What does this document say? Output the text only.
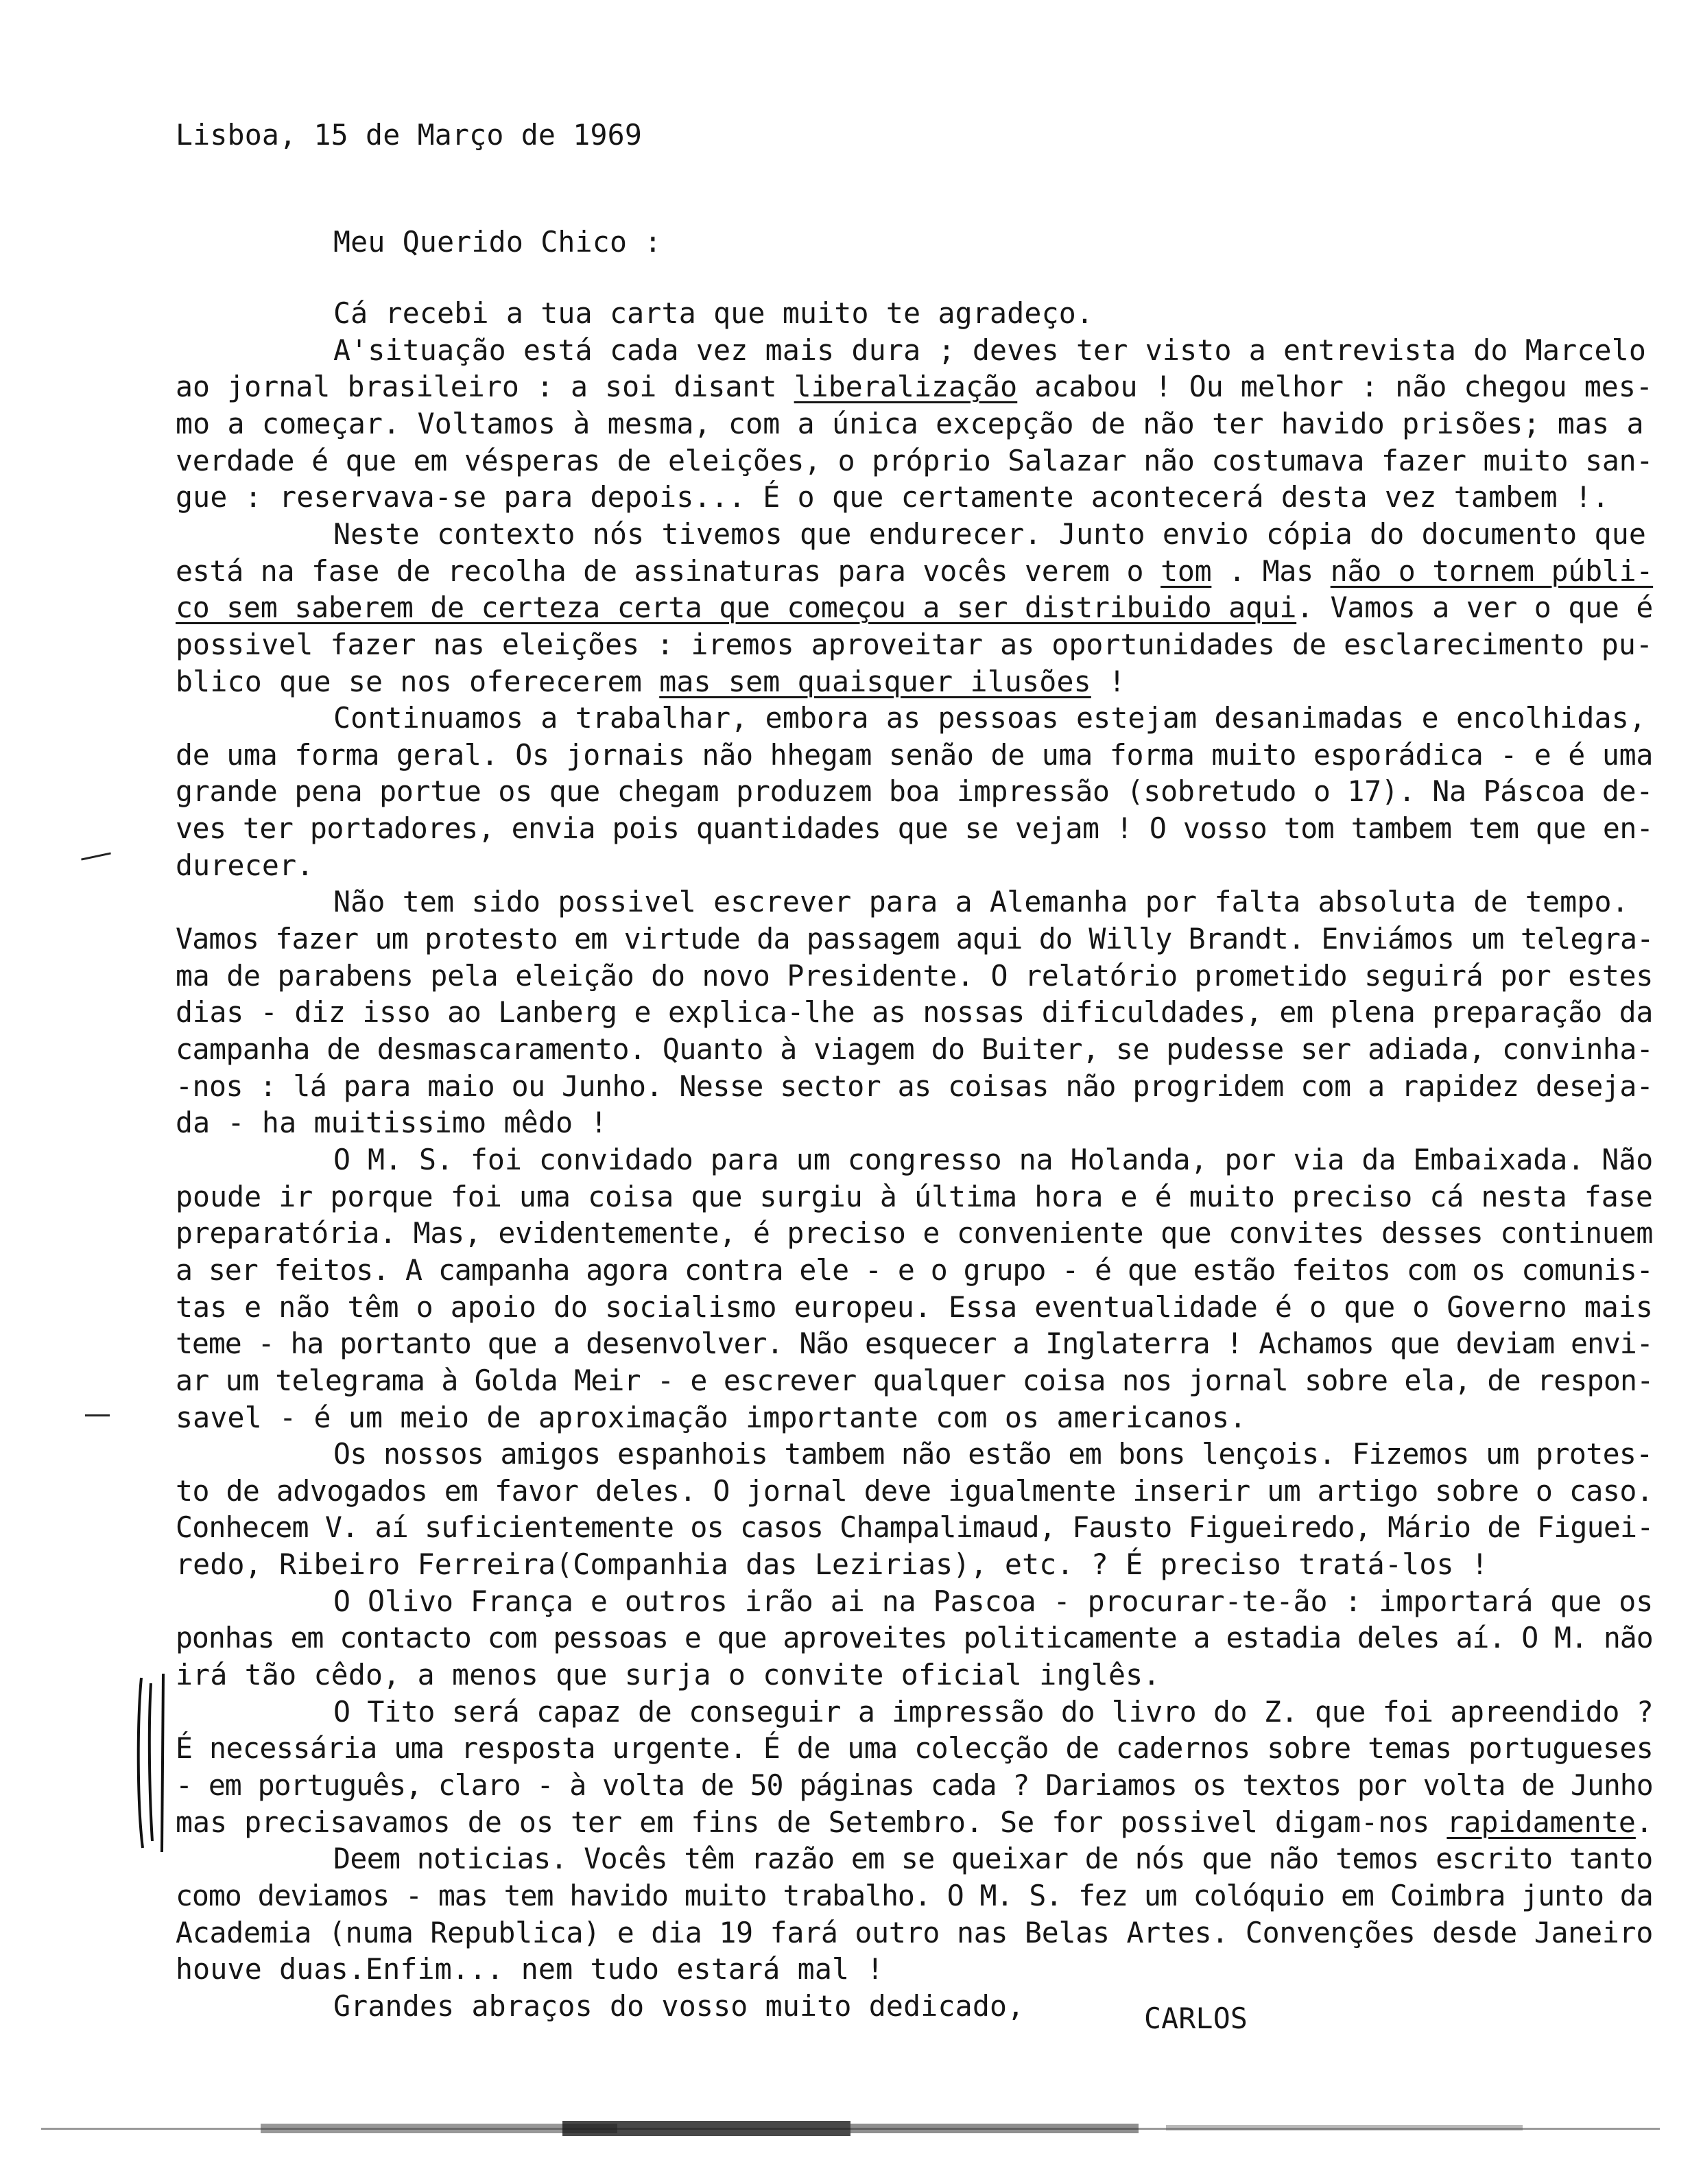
Lisboa, 15 de Março de 1969
Meu Querido Chico :
Cá recebi a tua carta que muito te agradeço.
A'situação está cada vez mais dura ; deves ter visto a entrevista do Marcelo
ao jornal brasileiro : a soi disant liberalização acabou ! Ou melhor : não chegou mes-
mo a começar. Voltamos à mesma, com a única excepção de não ter havido prisões; mas a
verdade é que em vésperas de eleições, o próprio Salazar não costumava fazer muito san-
gue : reservava-se para depois... É o que certamente acontecerá desta vez tambem !.
Neste contexto nós tivemos que endurecer. Junto envio cópia do documento que
está na fase de recolha de assinaturas para vocês verem o tom . Mas não o tornem públi-
co sem saberem de certeza certa que começou a ser distribuido aqui. Vamos a ver o que é
possivel fazer nas eleições : iremos aproveitar as oportunidades de esclarecimento pu-
blico que se nos oferecerem mas sem quaisquer ilusões !
Continuamos a trabalhar, embora as pessoas estejam desanimadas e encolhidas,
de uma forma geral. Os jornais não hhegam senão de uma forma muito esporádica - e é uma
grande pena portue os que chegam produzem boa impressão (sobretudo o 17). Na Páscoa de-
ves ter portadores, envia pois quantidades que se vejam ! O vosso tom tambem tem que en-
durecer.
Não tem sido possivel escrever para a Alemanha por falta absoluta de tempo.
Vamos fazer um protesto em virtude da passagem aqui do Willy Brandt. Enviámos um telegra-
ma de parabens pela eleição do novo Presidente. O relatório prometido seguirá por estes
dias - diz isso ao Lanberg e explica-lhe as nossas dificuldades, em plena preparação da
campanha de desmascaramento. Quanto à viagem do Buiter, se pudesse ser adiada, convinha-
-nos : lá para maio ou Junho. Nesse sector as coisas não progridem com a rapidez deseja-
da - ha muitissimo mêdo !
O M. S. foi convidado para um congresso na Holanda, por via da Embaixada. Não
poude ir porque foi uma coisa que surgiu à última hora e é muito preciso cá nesta fase
preparatória. Mas, evidentemente, é preciso e conveniente que convites desses continuem
a ser feitos. A campanha agora contra ele - e o grupo - é que estão feitos com os comunis-
tas e não têm o apoio do socialismo europeu. Essa eventualidade é o que o Governo mais
teme - ha portanto que a desenvolver. Não esquecer a Inglaterra ! Achamos que deviam envi-
ar um telegrama à Golda Meir - e escrever qualquer coisa nos jornal sobre ela, de respon-
savel - é um meio de aproximação importante com os americanos.
Os nossos amigos espanhois tambem não estão em bons lençois. Fizemos um protes-
to de advogados em favor deles. O jornal deve igualmente inserir um artigo sobre o caso.
Conhecem V. aí suficientemente os casos Champalimaud, Fausto Figueiredo, Mário de Figuei-
redo, Ribeiro Ferreira(Companhia das Lezirias), etc. ? É preciso tratá-los !
O Olivo França e outros irão ai na Pascoa - procurar-te-ão : importará que os
ponhas em contacto com pessoas e que aproveites politicamente a estadia deles aí. O M. não
irá tão cêdo, a menos que surja o convite oficial inglês.
O Tito será capaz de conseguir a impressão do livro do Z. que foi apreendido ?
É necessária uma resposta urgente. É de uma colecção de cadernos sobre temas portugueses
- em português, claro - à volta de 50 páginas cada ? Dariamos os textos por volta de Junho
mas precisavamos de os ter em fins de Setembro. Se for possivel digam-nos rapidamente.
Deem noticias. Vocês têm razão em se queixar de nós que não temos escrito tanto
como deviamos - mas tem havido muito trabalho. O M. S. fez um colóquio em Coimbra junto da
Academia (numa Republica) e dia 19 fará outro nas Belas Artes. Convenções desde Janeiro
houve duas.Enfim... nem tudo estará mal !
Grandes abraços do vosso muito dedicado,	CARLOS
